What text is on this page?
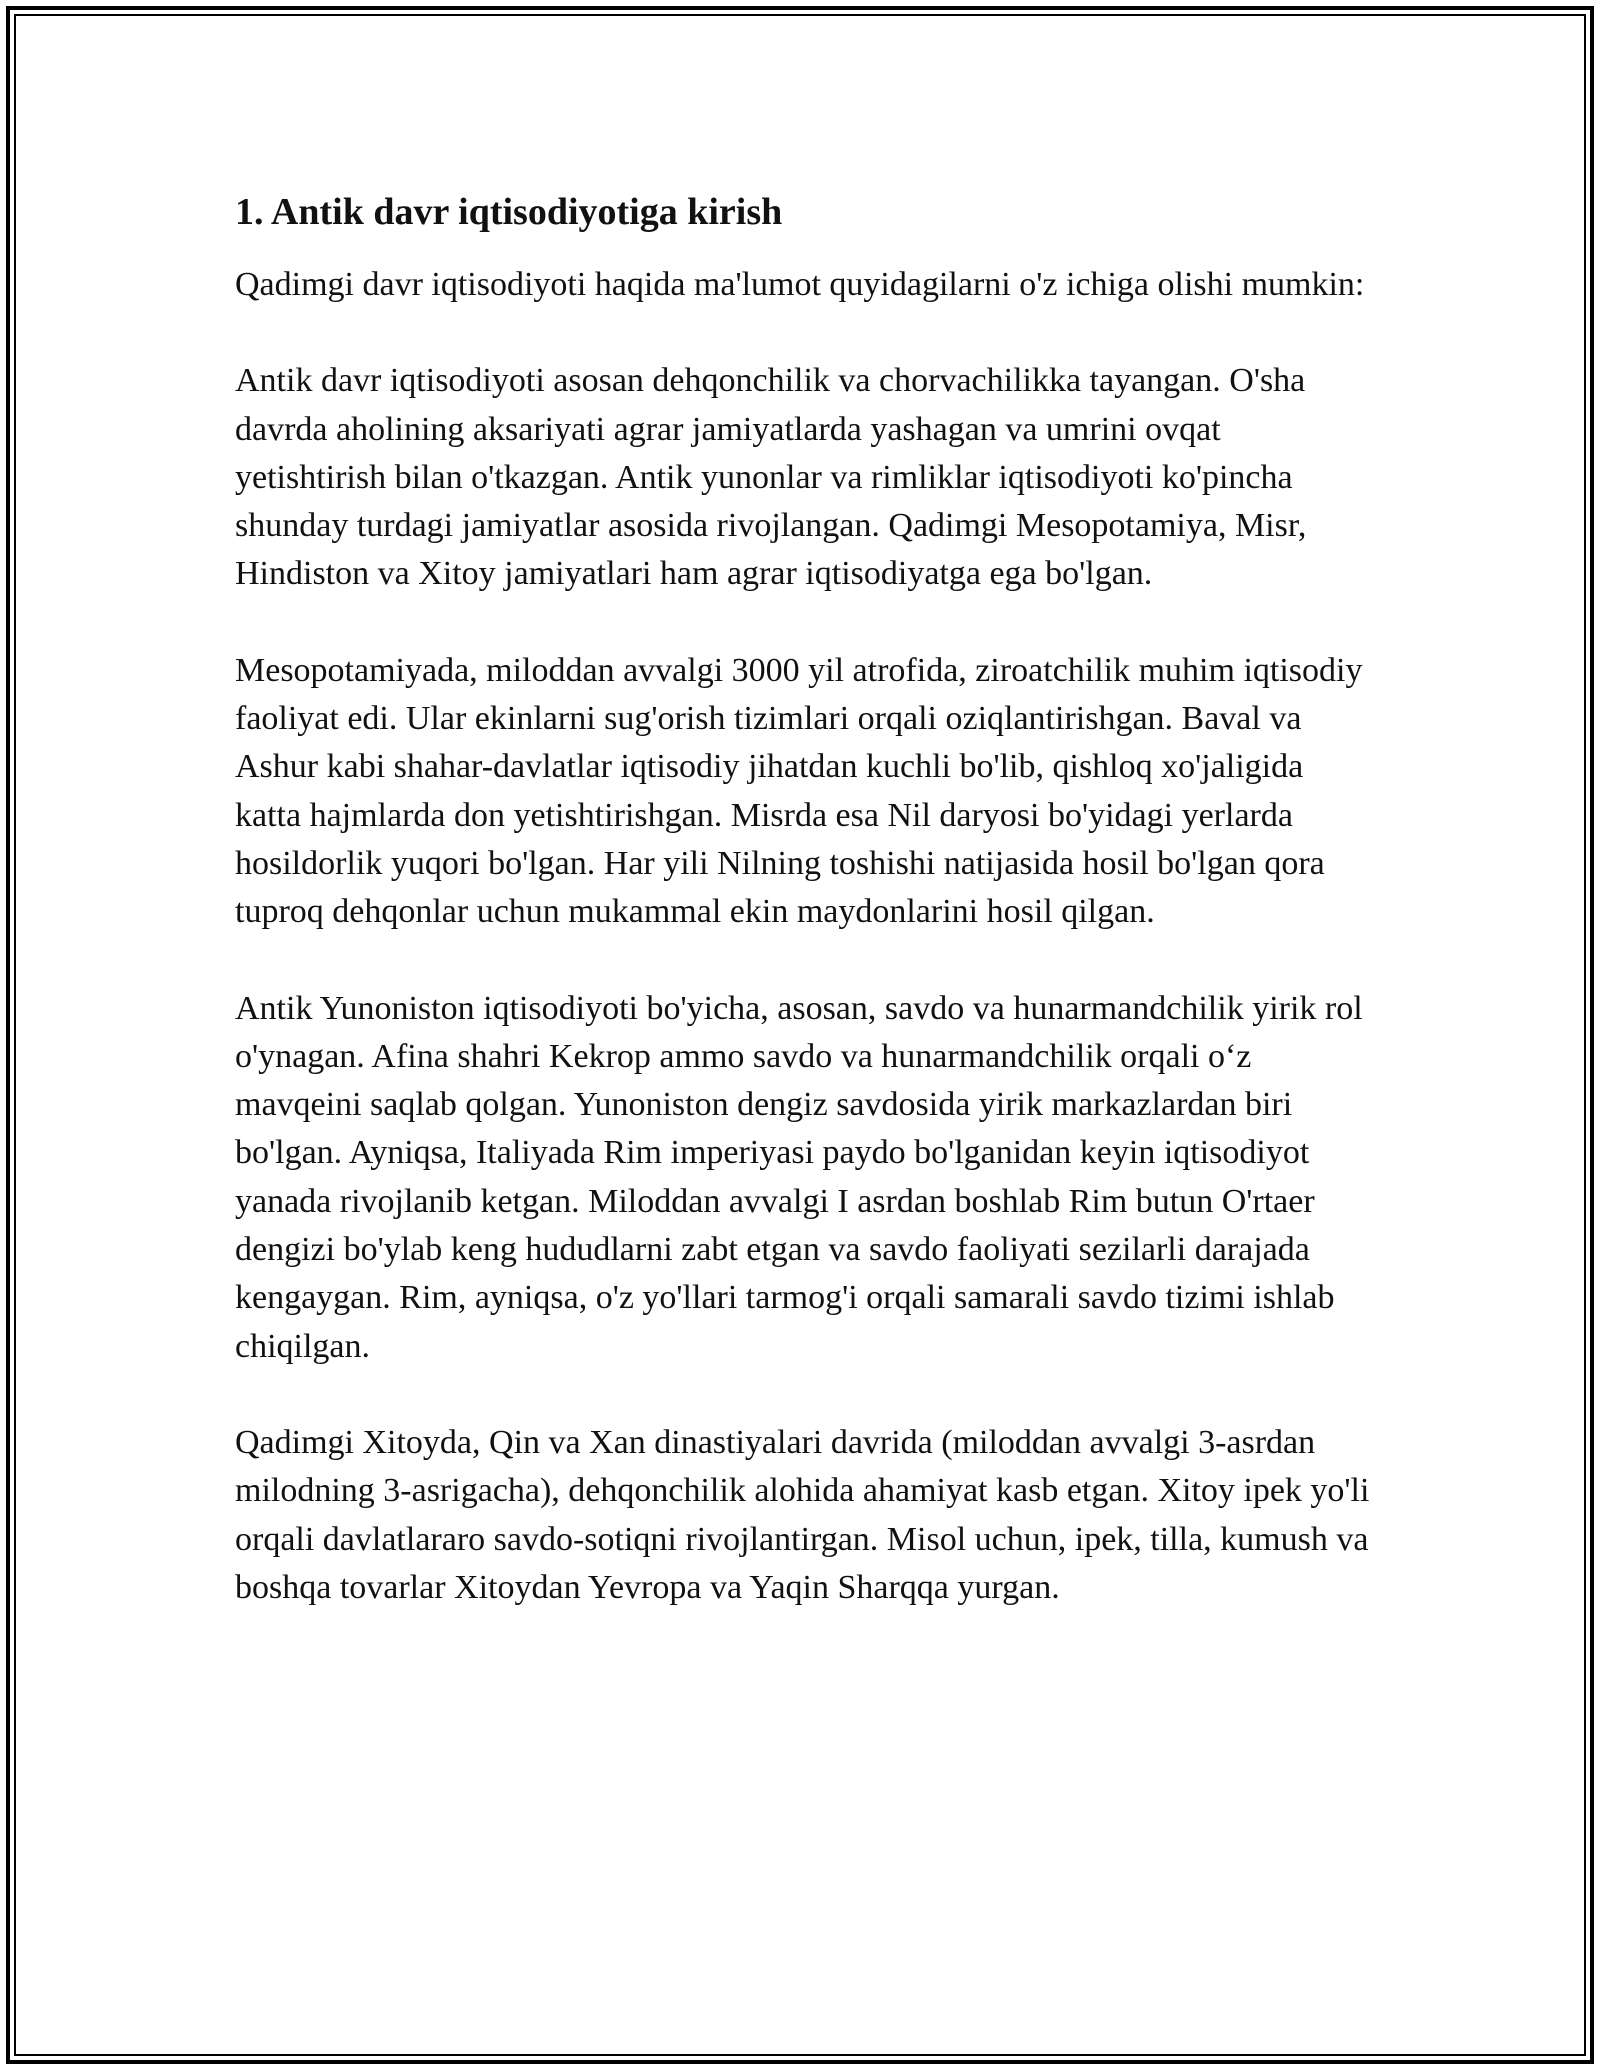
1. Antik davr iqtisodiyotiga kirish

Qadimgi davr iqtisodiyoti haqida ma'lumot quyidagilarni o'z ichiga olishi mumkin:

Antik davr iqtisodiyoti asosan dehqonchilik va chorvachilikka tayangan. O'sha davrda aholining aksariyati agrar jamiyatlarda yashagan va umrini ovqat yetishtirish bilan o'tkazgan. Antik yunonlar va rimliklar iqtisodiyoti ko'pincha shunday turdagi jamiyatlar asosida rivojlangan. Qadimgi Mesopotamiya, Misr, Hindiston va Xitoy jamiyatlari ham agrar iqtisodiyatga ega bo'lgan.

Mesopotamiyada, miloddan avvalgi 3000 yil atrofida, ziroatchilik muhim iqtisodiy faoliyat edi. Ular ekinlarni sug'orish tizimlari orqali oziqlantirishgan. Baval va Ashur kabi shahar-davlatlar iqtisodiy jihatdan kuchli bo'lib, qishloq xo'jaligida katta hajmlarda don yetishtirishgan. Misrda esa Nil daryosi bo'yidagi yerlarda hosildorlik yuqori bo'lgan. Har yili Nilning toshishi natijasida hosil bo'lgan qora tuproq dehqonlar uchun mukammal ekin maydonlarini hosil qilgan.

Antik Yunoniston iqtisodiyoti bo'yicha, asosan, savdo va hunarmandchilik yirik rol o'ynagan. Afina shahri Kekrop ammo savdo va hunarmandchilik orqali o‘z mavqeini saqlab qolgan. Yunoniston dengiz savdosida yirik markazlardan biri bo'lgan. Ayniqsa, Italiyada Rim imperiyasi paydo bo'lganidan keyin iqtisodiyot yanada rivojlanib ketgan. Miloddan avvalgi I asrdan boshlab Rim butun O'rtaer dengizi bo'ylab keng hududlarni zabt etgan va savdo faoliyati sezilarli darajada kengaygan. Rim, ayniqsa, o'z yo'llari tarmog'i orqali samarali savdo tizimi ishlab chiqilgan.

Qadimgi Xitoyda, Qin va Xan dinastiyalari davrida (miloddan avvalgi 3-asrdan milodning 3-asrigacha), dehqonchilik alohida ahamiyat kasb etgan. Xitoy ipek yo'li orqali davlatlararo savdo-sotiqni rivojlantirgan. Misol uchun, ipek, tilla, kumush va boshqa tovarlar Xitoydan Yevropa va Yaqin Sharqqa yurgan.
